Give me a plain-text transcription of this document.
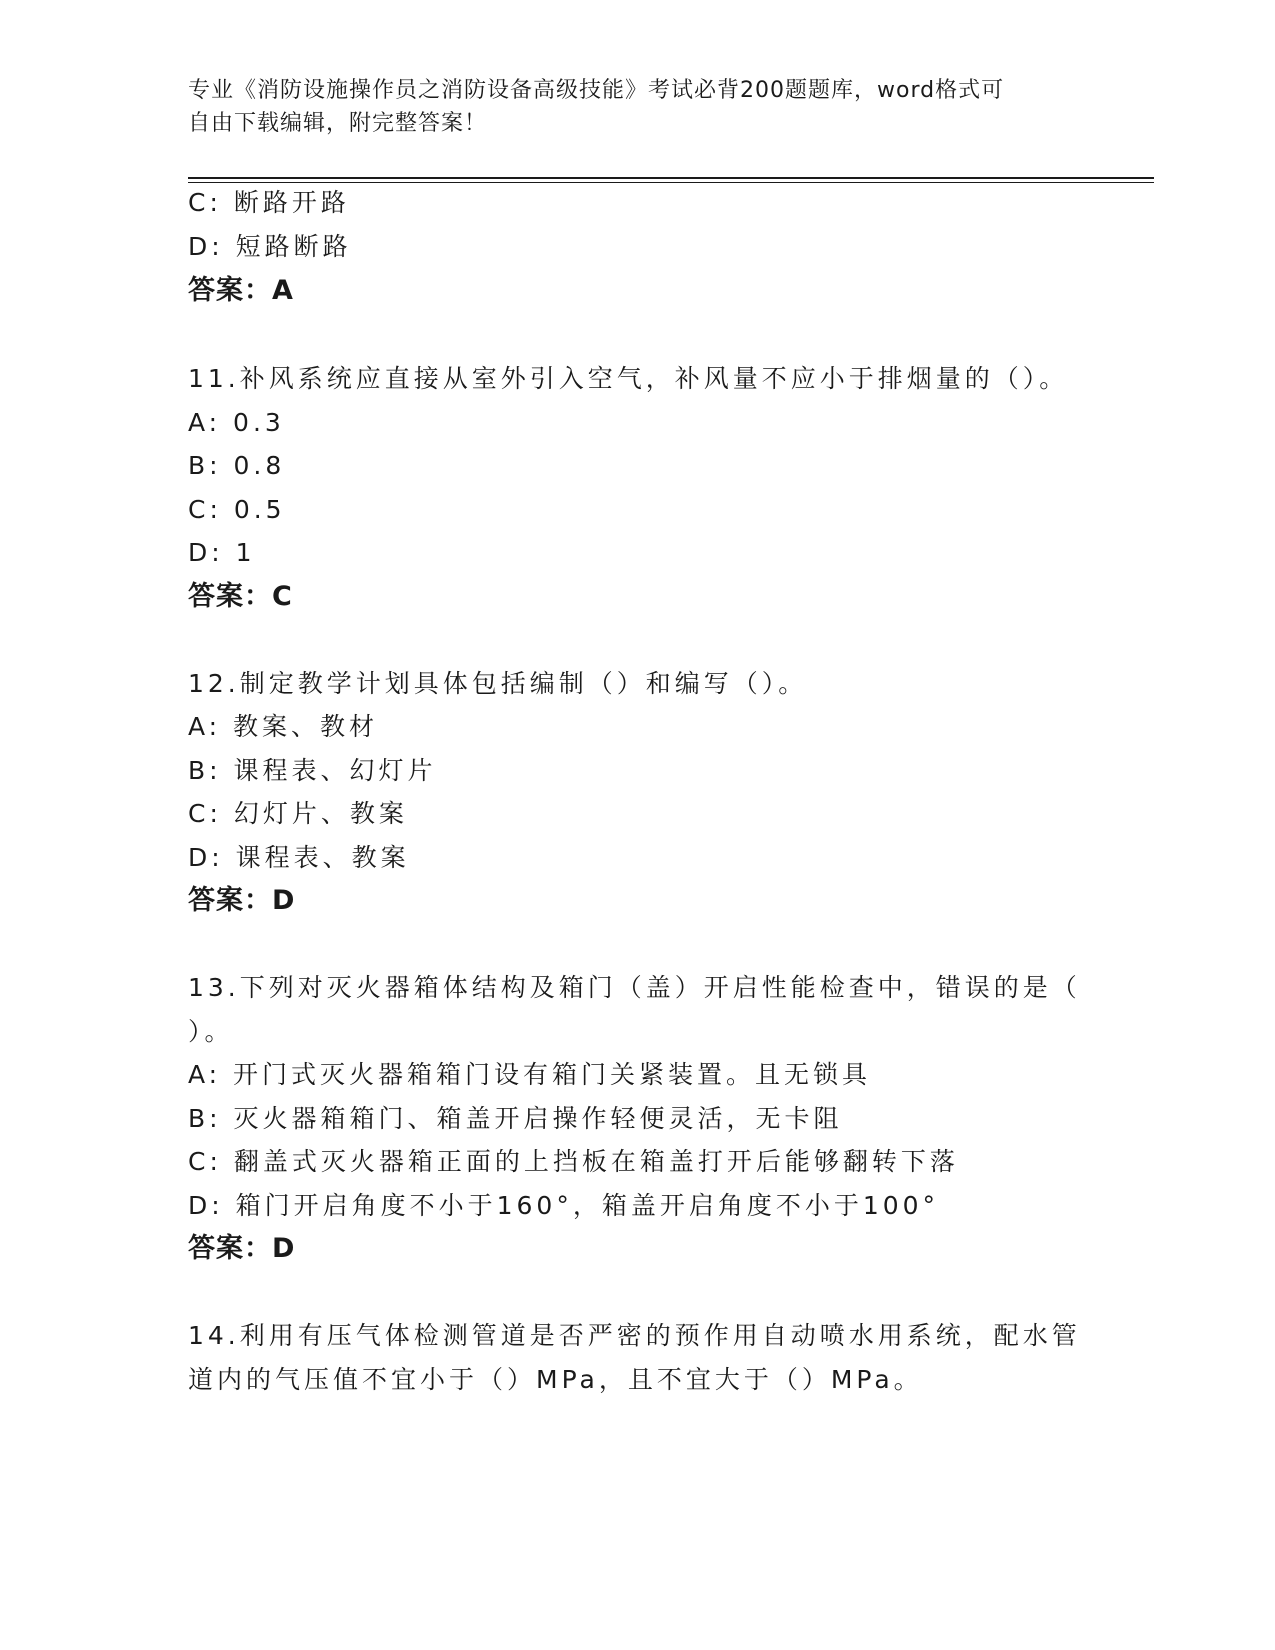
专业《消防设施操作员之消防设备高级技能》考试必背200题题库，word格式可
自由下载编辑，附完整答案！
C: 断路开路
D: 短路断路
答案：A
11.补风系统应直接从室外引入空气，补风量不应小于排烟量的（）。
A: 0.3
B: 0.8
C: 0.5
D: 1
答案：C
12.制定教学计划具体包括编制（）和编写（）。
A: 教案、教材
B: 课程表、幻灯片
C: 幻灯片、教案
D: 课程表、教案
答案：D
13.下列对灭火器箱体结构及箱门（盖）开启性能检查中，错误的是（
）。
A: 开门式灭火器箱箱门设有箱门关紧装置。且无锁具
B: 灭火器箱箱门、箱盖开启操作轻便灵活，无卡阻
C: 翻盖式灭火器箱正面的上挡板在箱盖打开后能够翻转下落
D: 箱门开启角度不小于160°，箱盖开启角度不小于100°
答案：D
14.利用有压气体检测管道是否严密的预作用自动喷水用系统，配水管
道内的气压值不宜小于（）MPa，且不宜大于（）MPa。
